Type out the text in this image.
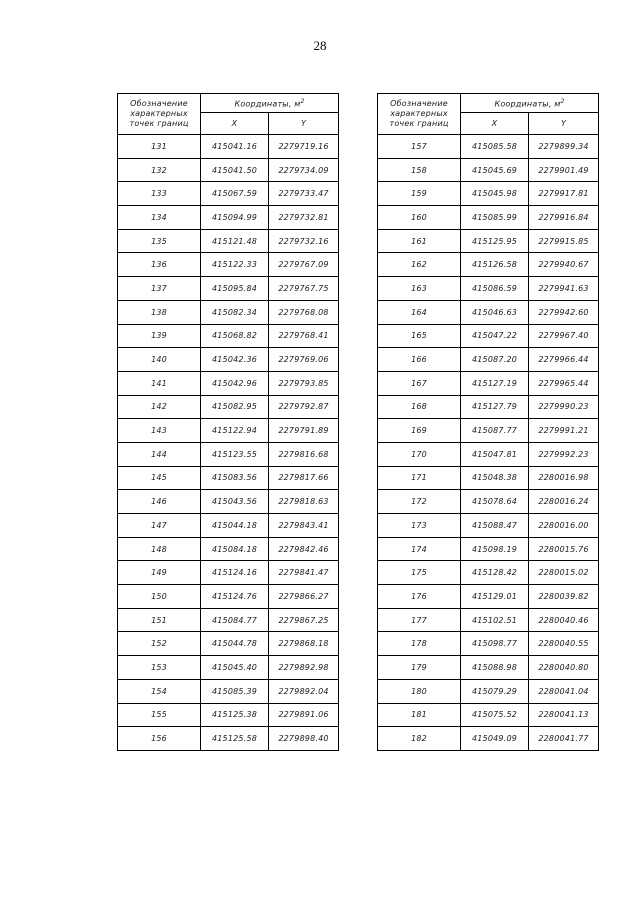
28
Обозначение
характерных
точек границ	Координаты, $м^2$
	X	Y
131	415041.16	2279719.16
132	415041.50	2279734.09
133	415067.59	2279733.47
134	415094.99	2279732.81
135	415121.48	2279732.16
136	415122.33	2279767.09
137	415095.84	2279767.75
138	415082.34	2279768.08
139	415068.82	2279768.41
140	415042.36	2279769.06
141	415042.96	2279793.85
142	415082.95	2279792.87
143	415122.94	2279791.89
144	415123.55	2279816.68
145	415083.56	2279817.66
146	415043.56	2279818.63
147	415044.18	2279843.41
148	415084.18	2279842.46
149	415124.16	2279841.47
150	415124.76	2279866.27
151	415084.77	2279867.25
152	415044.78	2279868.18
153	415045.40	2279892.98
154	415085.39	2279892.04
155	415125.38	2279891.06
156	415125.58	2279898.40
Обозначение
характерных
точек границ	Координаты, $м^2$
	X	Y
157	415085.58	2279899.34
158	415045.69	2279901.49
159	415045.98	2279917.81
160	415085.99	2279916.84
161	415125.95	2279915.85
162	415126.58	2279940.67
163	415086.59	2279941.63
164	415046.63	2279942.60
165	415047.22	2279967.40
166	415087.20	2279966.44
167	415127.19	2279965.44
168	415127.79	2279990.23
169	415087.77	2279991.21
170	415047.81	2279992.23
171	415048.38	2280016.98
172	415078.64	2280016.24
173	415088.47	2280016.00
174	415098.19	2280015.76
175	415128.42	2280015.02
176	415129.01	2280039.82
177	415102.51	2280040.46
178	415098.77	2280040.55
179	415088.98	2280040.80
180	415079.29	2280041.04
181	415075.52	2280041.13
182	415049.09	2280041.77
